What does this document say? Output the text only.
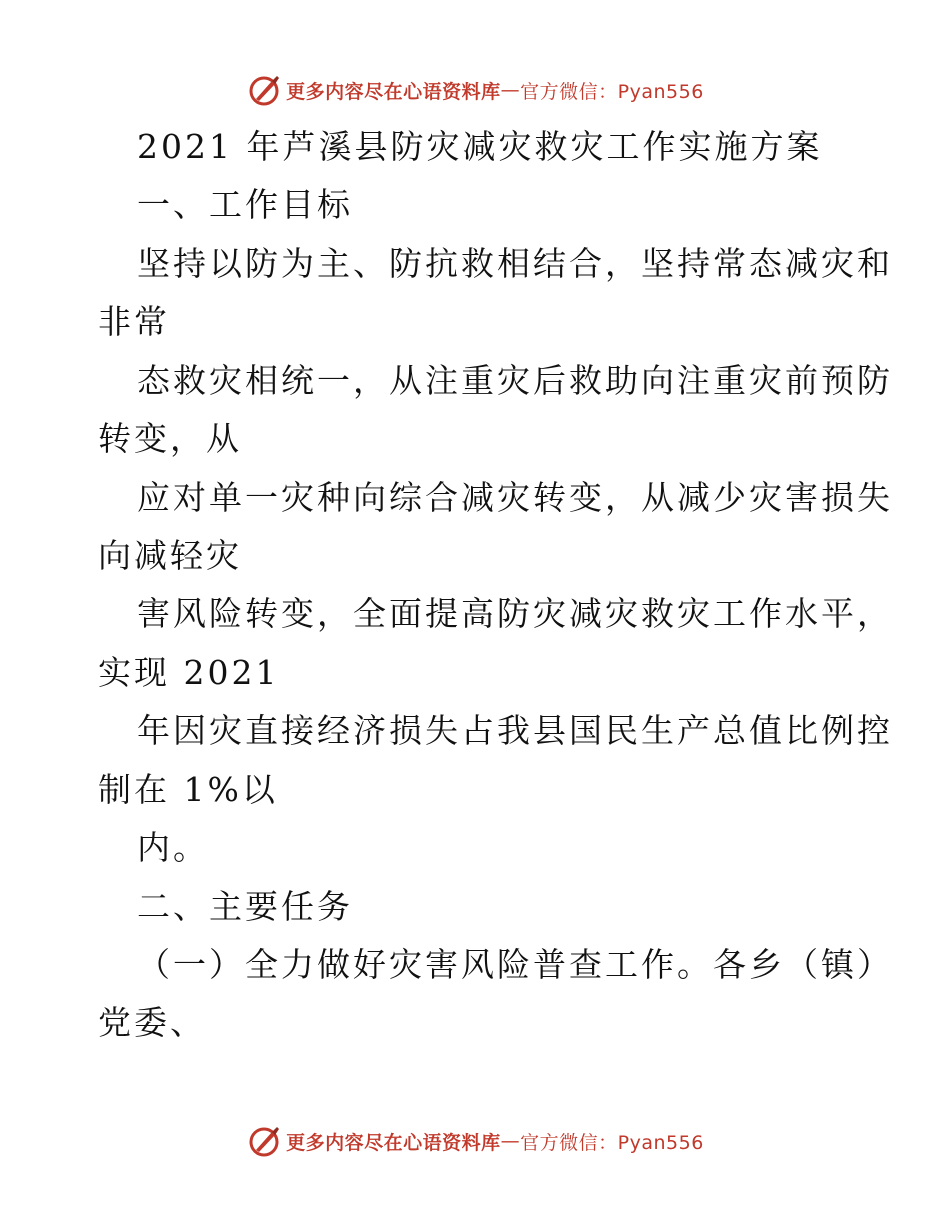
更多内容尽在心语资料库 — 官方微信：Pyan556
2021 年芦溪县防灾减灾救灾工作实施方案
一、工作目标
坚持以防为主、防抗救相结合，坚持常态减灾和
非常
态救灾相统一，从注重灾后救助向注重灾前预防
转变，从
应对单一灾种向综合减灾转变，从减少灾害损失
向减轻灾
害风险转变，全面提高防灾减灾救灾工作水平，
实现 2021
年因灾直接经济损失占我县国民生产总值比例控
制在 1%以
内。
二、主要任务
（一）全力做好灾害风险普查工作。各乡（镇）
党委、
更多内容尽在心语资料库 — 官方微信：Pyan556
